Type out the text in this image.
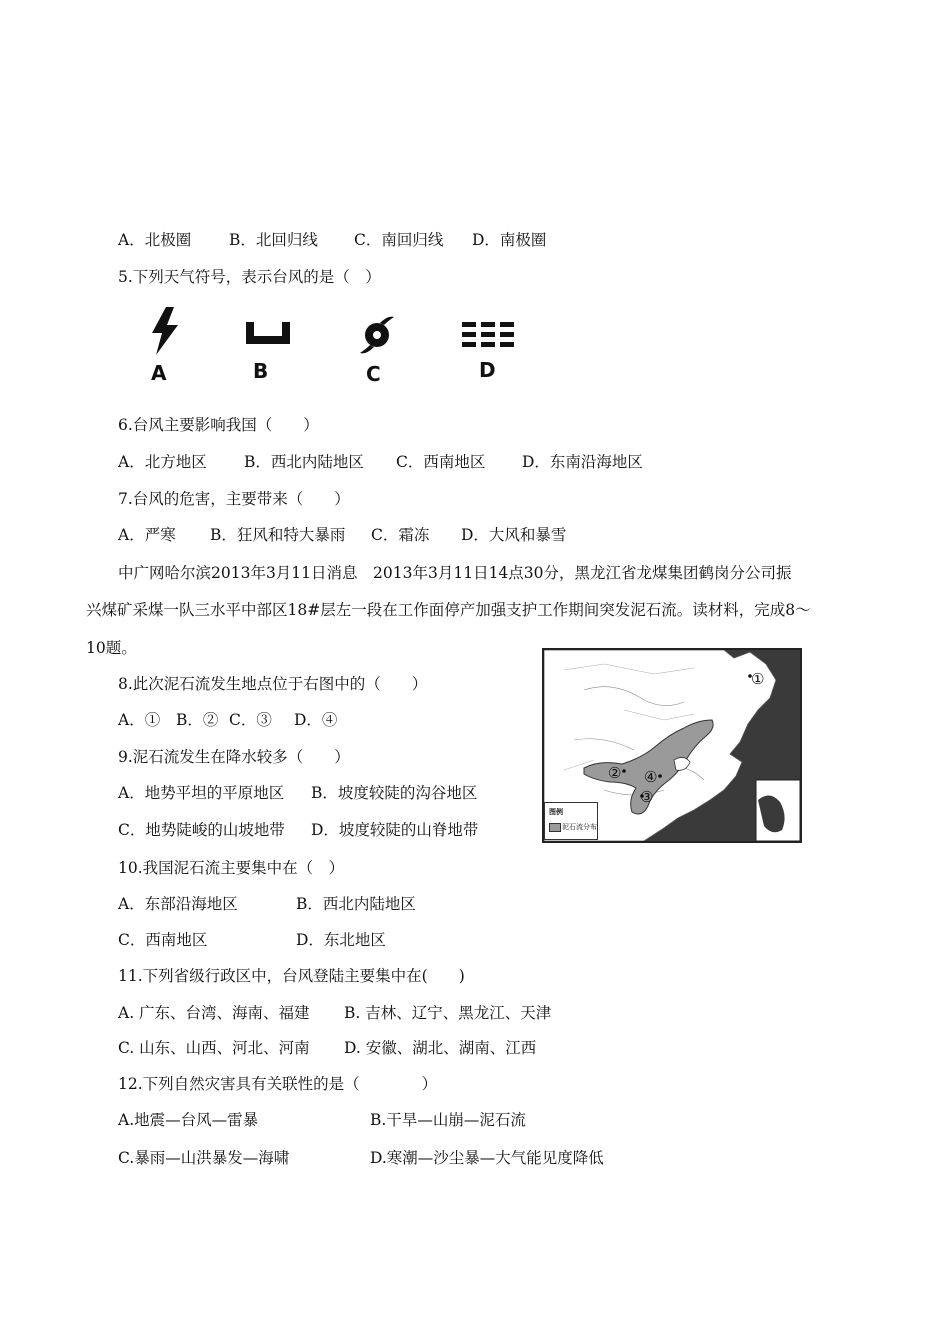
A．北极圈 B．北回归线 C．南回归线 D．南极圈
5.下列天气符号，表示台风的是（　）
A	B	C	D
6.台风主要影响我国（　　）
A．北方地区 B．西北内陆地区 C．西南地区 D．东南沿海地区
7.台风的危害，主要带来（　　）
A．严寒 B．狂风和特大暴雨 C．霜冻 D．大风和暴雪
中广网哈尔滨2013年3月11日消息　2013年3月11日14点30分，黑龙江省龙煤集团鹤岗分公司振
兴煤矿采煤一队三水平中部区18#层左一段在工作面停产加强支护工作期间突发泥石流。读材料，完成8～
10题。
8.此次泥石流发生地点位于右图中的（　　）
A．① B．② C．③ D．④
9.泥石流发生在降水较多（　　）
A．地势平坦的平原地区 B．坡度较陡的沟谷地区
C．地势陡峻的山坡地带 D．坡度较陡的山脊地带
①
②
③
④
图例
泥石流分布
10.我国泥石流主要集中在（　）
A．东部沿海地区	B．西北内陆地区
C．西南地区	D．东北地区
11.下列省级行政区中，台风登陆主要集中在(　　)
A. 广东、台湾、海南、福建 B. 吉林、辽宁、黑龙江、天津
C. 山东、山西、河北、河南 D. 安徽、湖北、湖南、江西
12.下列自然灾害具有关联性的是（　　　　）
A.地震—台风—雷暴	B.干旱—山崩—泥石流
C.暴雨—山洪暴发—海啸	D.寒潮—沙尘暴—大气能见度降低
